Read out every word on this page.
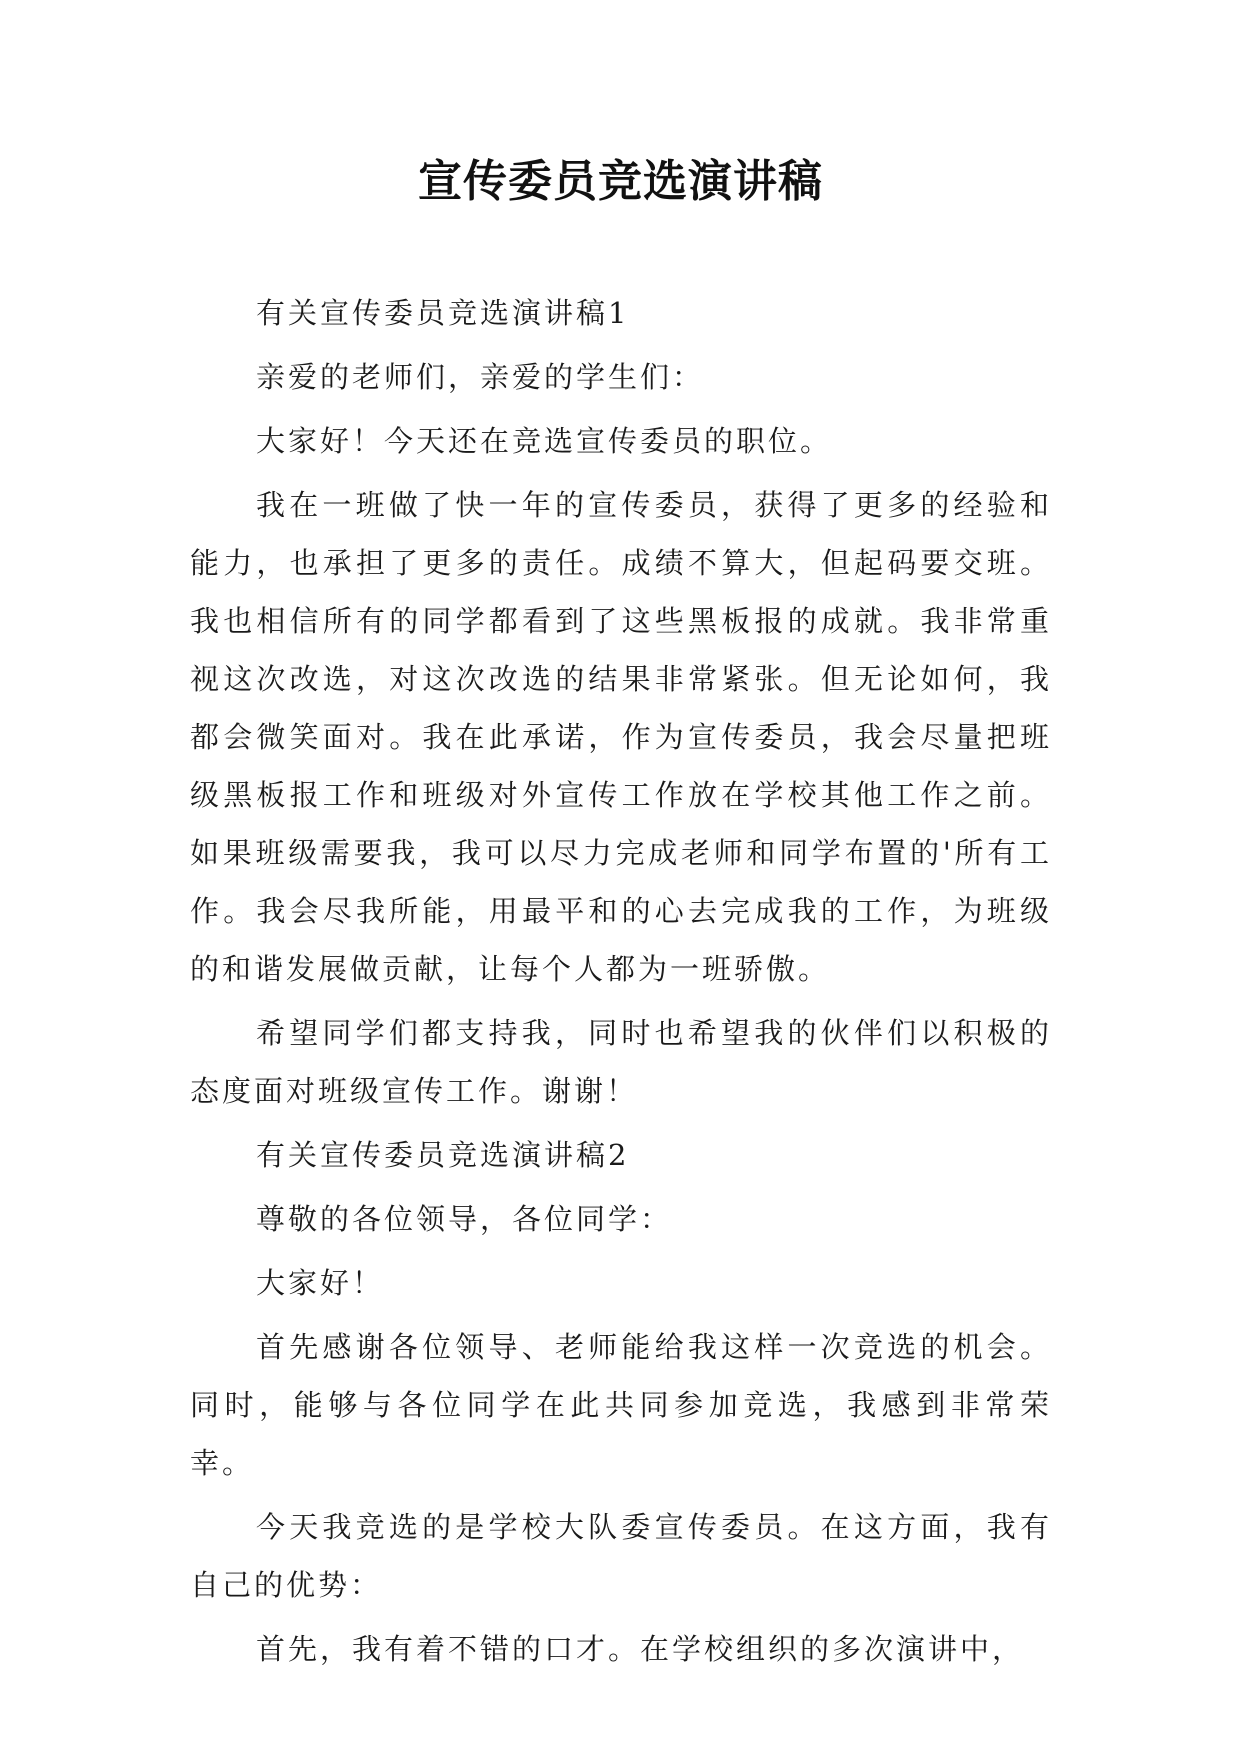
宣传委员竞选演讲稿

有关宣传委员竞选演讲稿1

亲爱的老师们，亲爱的学生们：

大家好！今天还在竞选宣传委员的职位。

我在一班做了快一年的宣传委员，获得了更多的经验和能力，也承担了更多的责任。成绩不算大，但起码要交班。我也相信所有的同学都看到了这些黑板报的成就。我非常重视这次改选，对这次改选的结果非常紧张。但无论如何，我都会微笑面对。我在此承诺，作为宣传委员，我会尽量把班级黑板报工作和班级对外宣传工作放在学校其他工作之前。如果班级需要我，我可以尽力完成老师和同学布置的'所有工作。我会尽我所能，用最平和的心去完成我的工作，为班级的和谐发展做贡献，让每个人都为一班骄傲。

希望同学们都支持我，同时也希望我的伙伴们以积极的态度面对班级宣传工作。谢谢！

有关宣传委员竞选演讲稿2

尊敬的各位领导，各位同学：

大家好！

首先感谢各位领导、老师能给我这样一次竞选的机会。同时，能够与各位同学在此共同参加竞选，我感到非常荣幸。

今天我竞选的是学校大队委宣传委员。在这方面，我有自己的优势：

首先，我有着不错的口才。在学校组织的多次演讲中，
